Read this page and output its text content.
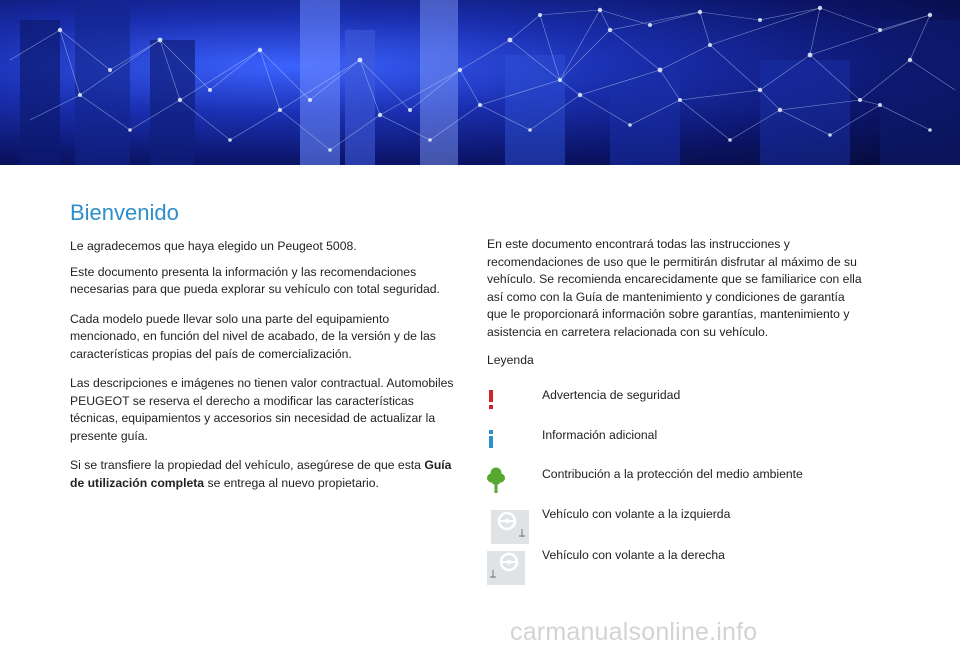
Bienvenido

Le agradecemos que haya elegido un Peugeot 5008.

Este documento presenta la información y las recomendaciones necesarias para que pueda explorar su vehículo con total seguridad.

Cada modelo puede llevar solo una parte del equipamiento mencionado, en función del nivel de acabado, de la versión y de las características propias del país de comercialización.

Las descripciones e imágenes no tienen valor contractual. Automobiles PEUGEOT se reserva el derecho a modificar las características técnicas, equipamientos y accesorios sin necesidad de actualizar la presente guía.

Si se transfiere la propiedad del vehículo, asegúrese de que esta Guía de utilización completa se entrega al nuevo propietario.

En este documento encontrará todas las instrucciones y recomendaciones de uso que le permitirán disfrutar al máximo de su vehículo. Se recomienda encarecidamente que se familiarice con ella así como con la Guía de mantenimiento y condiciones de garantía que le proporcionará información sobre garantías, mantenimiento y asistencia en carretera relacionada con su vehículo.

Leyenda
Advertencia de seguridad
Información adicional
Contribución a la protección del medio ambiente
Vehículo con volante a la izquierda
Vehículo con volante a la derecha
carmanualsonline.info
